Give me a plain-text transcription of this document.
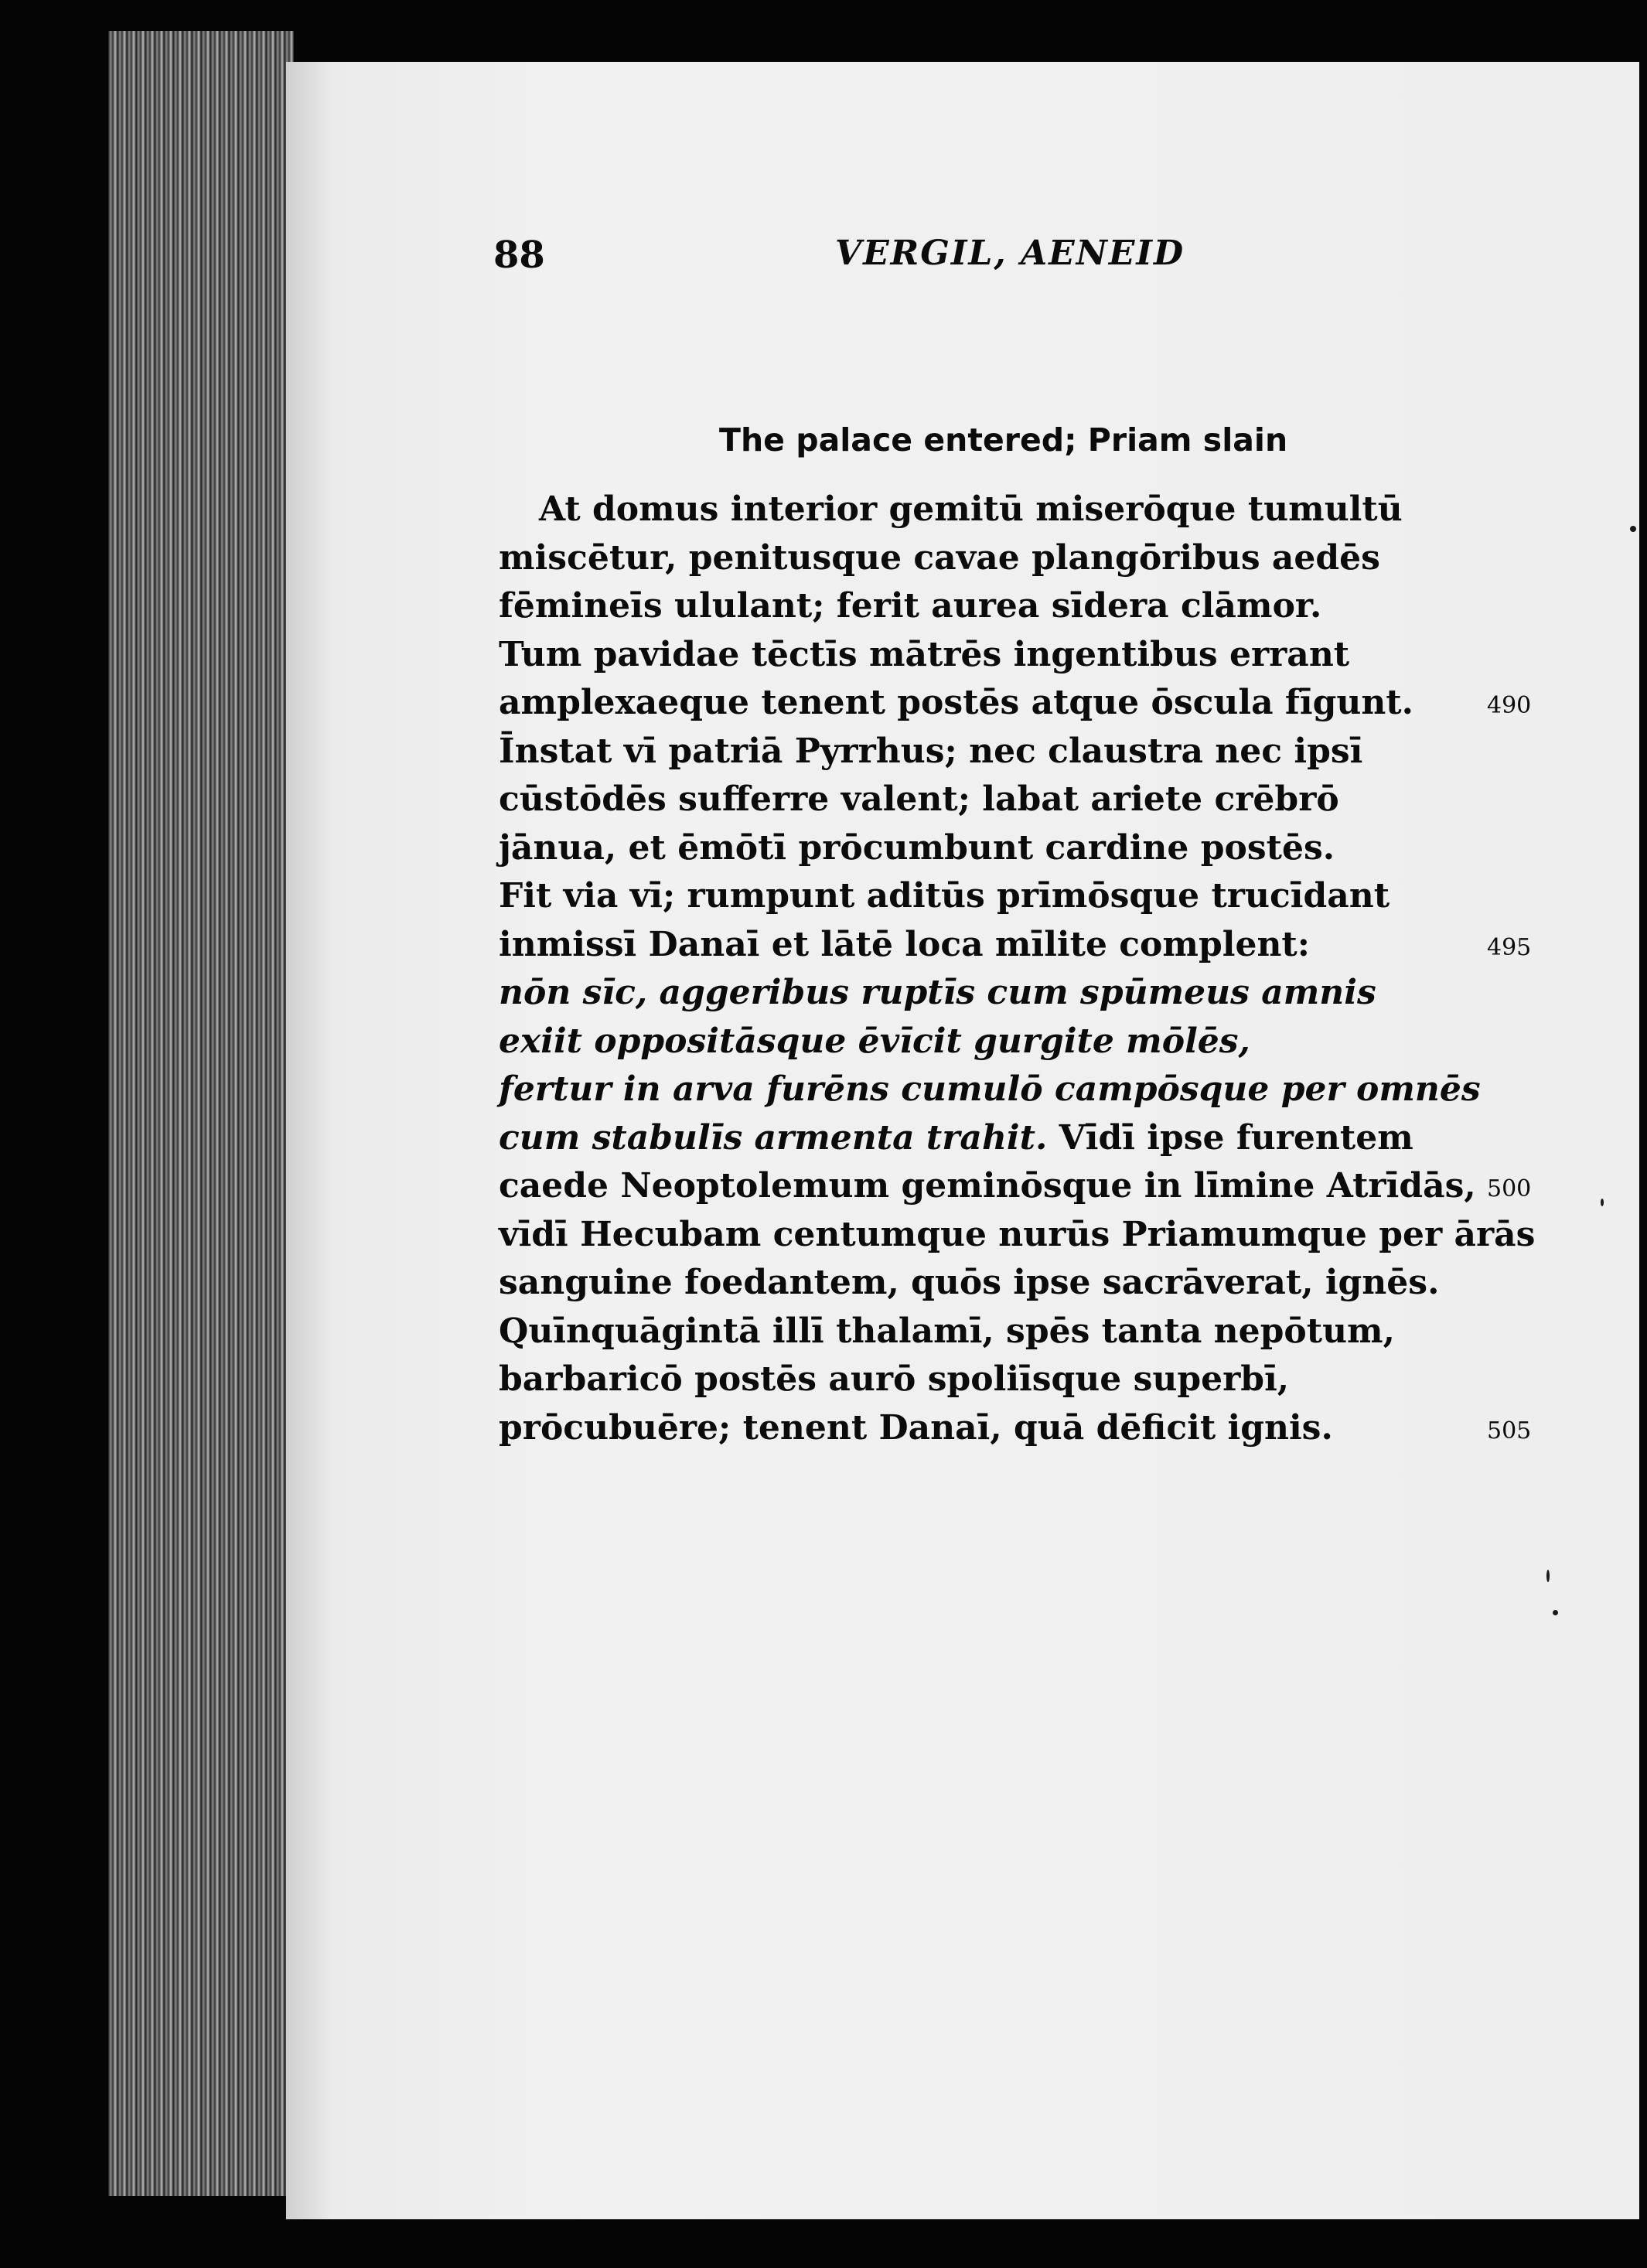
88	VERGIL, AENEID
The palace entered; Priam slain
At domus interior gemitū miserōque tumultū
miscētur, penitusque cavae plangōribus aedēs
fēmineīs ululant; ferit aurea sīdera clāmor.
Tum pavidae tēctīs mātrēs ingentibus errant
amplexaeque tenent postēs atque ōscula fīgunt.	490
Īnstat vī patriā Pyrrhus; nec claustra nec ipsī
cūstōdēs sufferre valent; labat ariete crēbrō
jānua, et ēmōtī prōcumbunt cardine postēs.
Fit via vī; rumpunt aditūs prīmōsque trucīdant
inmissī Danaī et lātē loca mīlite complent:	495
nōn sīc, aggeribus ruptīs cum spūmeus amnis
exiit oppositāsque ēvīcit gurgite mōlēs,
fertur in arva furēns cumulō campōsque per omnēs
cum stabulīs armenta trahit. Vīdī ipse furentem
caede Neoptolemum geminōsque in līmine Atrīdās, 500
vīdī Hecubam centumque nurūs Priamumque per ārās
sanguine foedantem, quōs ipse sacrāverat, ignēs.
Quīnquāgintā illī thalamī, spēs tanta nepōtum,
barbaricō postēs aurō spoliīsque superbī,
prōcubuēre; tenent Danaī, quā dēficit ignis.	505
